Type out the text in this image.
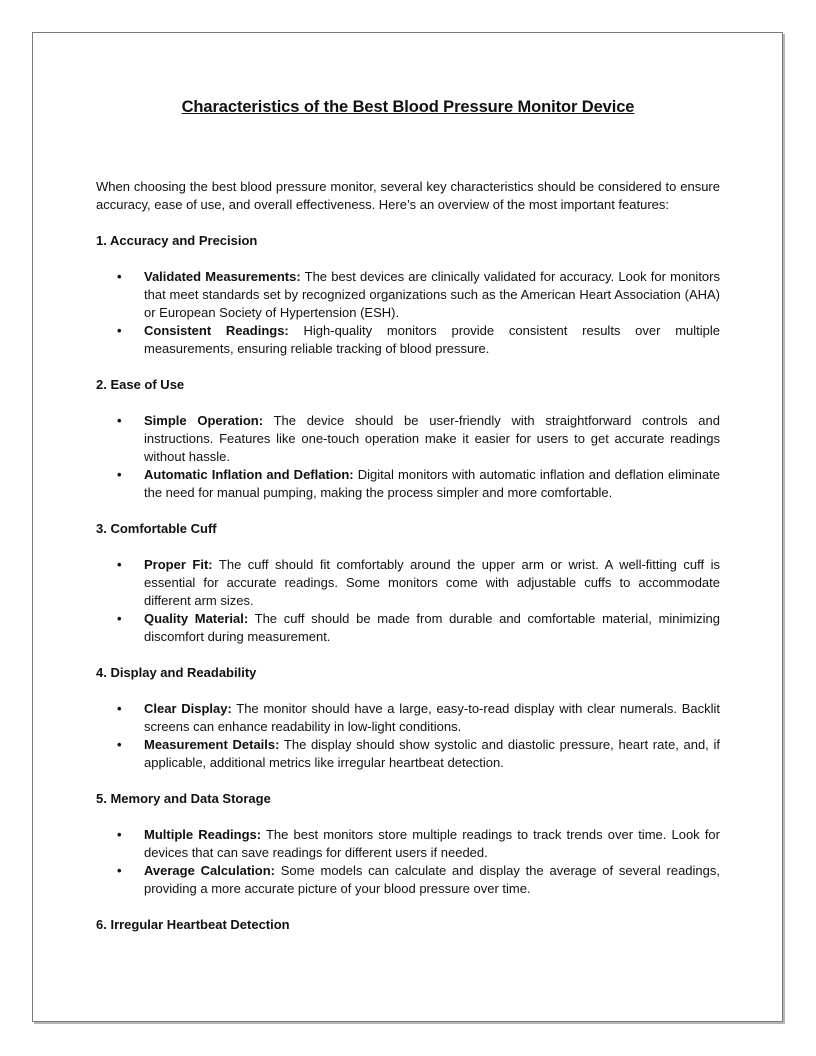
Characteristics of the Best Blood Pressure Monitor Device

When choosing the best blood pressure monitor, several key characteristics should be considered to ensure accuracy, ease of use, and overall effectiveness. Here’s an overview of the most important features:

1. Accuracy and Precision

• Validated Measurements: The best devices are clinically validated for accuracy. Look for monitors that meet standards set by recognized organizations such as the American Heart Association (AHA) or European Society of Hypertension (ESH).
• Consistent Readings: High-quality monitors provide consistent results over multiple measurements, ensuring reliable tracking of blood pressure.

2. Ease of Use

• Simple Operation: The device should be user-friendly with straightforward controls and instructions. Features like one-touch operation make it easier for users to get accurate readings without hassle.
• Automatic Inflation and Deflation: Digital monitors with automatic inflation and deflation eliminate the need for manual pumping, making the process simpler and more comfortable.

3. Comfortable Cuff

• Proper Fit: The cuff should fit comfortably around the upper arm or wrist. A well-fitting cuff is essential for accurate readings. Some monitors come with adjustable cuffs to accommodate different arm sizes.
• Quality Material: The cuff should be made from durable and comfortable material, minimizing discomfort during measurement.

4. Display and Readability

• Clear Display: The monitor should have a large, easy-to-read display with clear numerals. Backlit screens can enhance readability in low-light conditions.
• Measurement Details: The display should show systolic and diastolic pressure, heart rate, and, if applicable, additional metrics like irregular heartbeat detection.

5. Memory and Data Storage

• Multiple Readings: The best monitors store multiple readings to track trends over time. Look for devices that can save readings for different users if needed.
• Average Calculation: Some models can calculate and display the average of several readings, providing a more accurate picture of your blood pressure over time.

6. Irregular Heartbeat Detection
